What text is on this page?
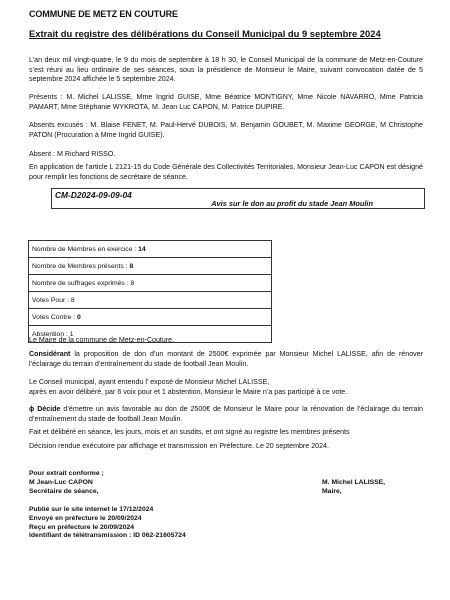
COMMUNE DE METZ EN COUTURE
Extrait du registre des délibérations du Conseil Municipal du 9 septembre 2024
L’an deux mil vingt-quatre, le 9 du mois de septembre à 18 h 30, le Conseil Municipal de la commune de Metz-en-Couture s’est réuni au lieu ordinaire de ses séances, sous la présidence de Monsieur le Maire, suivant convocation datée de 5 septembre 2024 affichée le 5 septembre 2024.
Présents : M. Michel LALISSE, Mme Ingrid GUISE, Mme Béatrice MONTIGNY, Mme Nicole NAVARRO, Mme Patricia PAMART, Mme Stéphanie WYKROTA, M. Jean Luc CAPON, M. Patrice DUPIRE.
Absents excusés : M. Blaise FENET, M. Paul-Hervé DUBOIS, M. Benjamin GOUBET, M. Maxime GEORGE, M Christophe PATON (Procuration à Mme Ingrid GUISE).
Absent : M Richard RISSO.
En application de l’article L 2121-15 du Code Générale des Collectivités Territoriales, Monsieur Jean-Luc CAPON est désigné pour remplir les fonctions de secrétaire de séance.
CM-D2024-09-09-04
Avis sur le don au profit du stade Jean Moulin
Nombre de Membres en exercice : 14
Nombre de Membres présents : 8
Nombre de suffrages exprimés : 8
Votes Pour : 8
Votes Contre : 0
Abstention : 1
Le Maire de la commune de Metz-en-Couture,
Considérant la proposition de don d’un montant de 2500€ exprimée par Monsieur Michel LALISSE, afin de rénover l’éclairage du terrain d’entraînement du stade de football Jean Moulin.
Le Conseil municipal, ayant entendu l’ exposé de Monsieur Michel LALISSE,
après en avoir délibéré, par 6 voix pour et 1 abstention, Monsieur le Maire n’a pas participé à ce vote.
ϕ Décide d’émettre un avis favorable au don de 2500€ de Monsieur le Maire pour la rénovation de l’éclairage du terrain d’entraînement du stade de football Jean Moulin.
Fait et délibéré en séance, les jours, mois et an susdits, et ont signé au registre les membres présents
Décision rendue exécutoire par affichage et transmission en Préfecture. Le 20 septembre 2024.
Pour extrait conforme ;
M Jean-Luc CAPON
Secrétaire de séance,
M. Michel LALISSE,
Maire,
Publié sur le site internet le 17/12/2024
Envoyé en préfecture le 20/09/2024
Reçu en préfecture le 20/09/2024
Identifiant de télétransmission : ID 062-21605724
